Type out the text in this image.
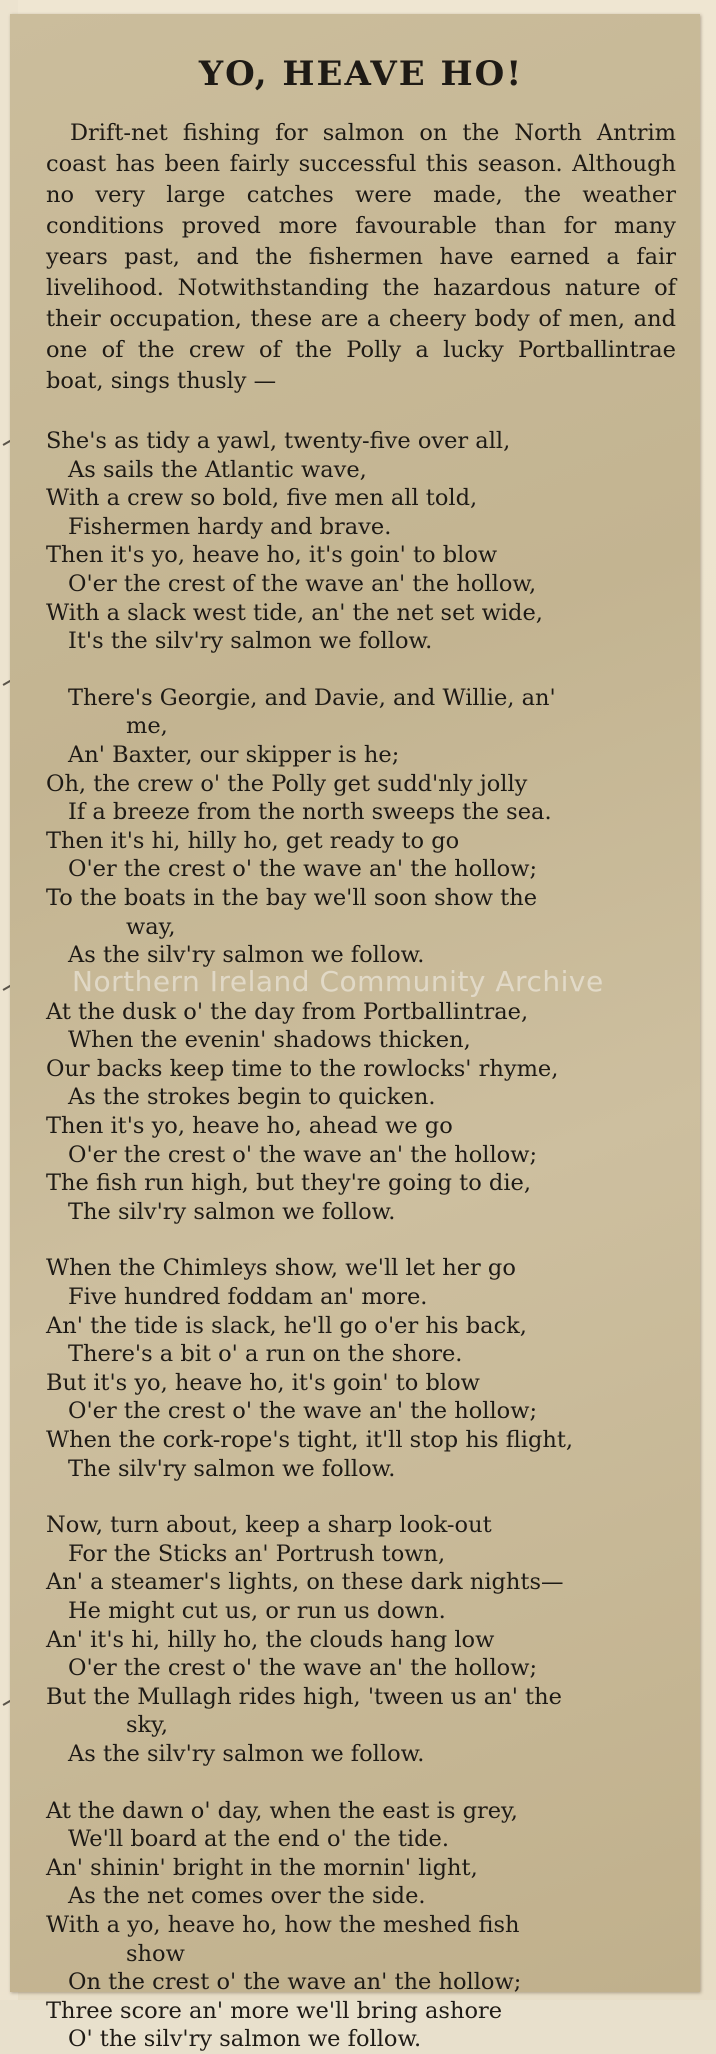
YO, HEAVE HO!

Drift-net fishing for salmon on the North Antrim coast has been fairly successful this season. Although no very large catches were made, the weather conditions proved more favourable than for many years past, and the fishermen have earned a fair livelihood. Notwithstanding the hazardous nature of their occupation, these are a cheery body of men, and one of the crew of the Polly a lucky Portballintrae boat, sings thusly —

She's as tidy a yawl, twenty-five over all,
As sails the Atlantic wave,
With a crew so bold, five men all told,
Fishermen hardy and brave.
Then it's yo, heave ho, it's goin' to blow
O'er the crest of the wave an' the hollow,
With a slack west tide, an' the net set wide,
It's the silv'ry salmon we follow.
There's Georgie, and Davie, and Willie, an'
me,
An' Baxter, our skipper is he;
Oh, the crew o' the Polly get sudd'nly jolly
If a breeze from the north sweeps the sea.
Then it's hi, hilly ho, get ready to go
O'er the crest o' the wave an' the hollow;
To the boats in the bay we'll soon show the
way,
As the silv'ry salmon we follow.
At the dusk o' the day from Portballintrae,
When the evenin' shadows thicken,
Our backs keep time to the rowlocks' rhyme,
As the strokes begin to quicken.
Then it's yo, heave ho, ahead we go
O'er the crest o' the wave an' the hollow;
The fish run high, but they're going to die,
The silv'ry salmon we follow.
When the Chimleys show, we'll let her go
Five hundred foddam an' more.
An' the tide is slack, he'll go o'er his back,
There's a bit o' a run on the shore.
But it's yo, heave ho, it's goin' to blow
O'er the crest o' the wave an' the hollow;
When the cork-rope's tight, it'll stop his flight,
The silv'ry salmon we follow.
Now, turn about, keep a sharp look-out
For the Sticks an' Portrush town,
An' a steamer's lights, on these dark nights—
He might cut us, or run us down.
An' it's hi, hilly ho, the clouds hang low
O'er the crest o' the wave an' the hollow;
But the Mullagh rides high, 'tween us an' the
sky,
As the silv'ry salmon we follow.
At the dawn o' day, when the east is grey,
We'll board at the end o' the tide.
An' shinin' bright in the mornin' light,
As the net comes over the side.
With a yo, heave ho, how the meshed fish
show
On the crest o' the wave an' the hollow;
Three score an' more we'll bring ashore
O' the silv'ry salmon we follow.
Northern Ireland Community Archive
